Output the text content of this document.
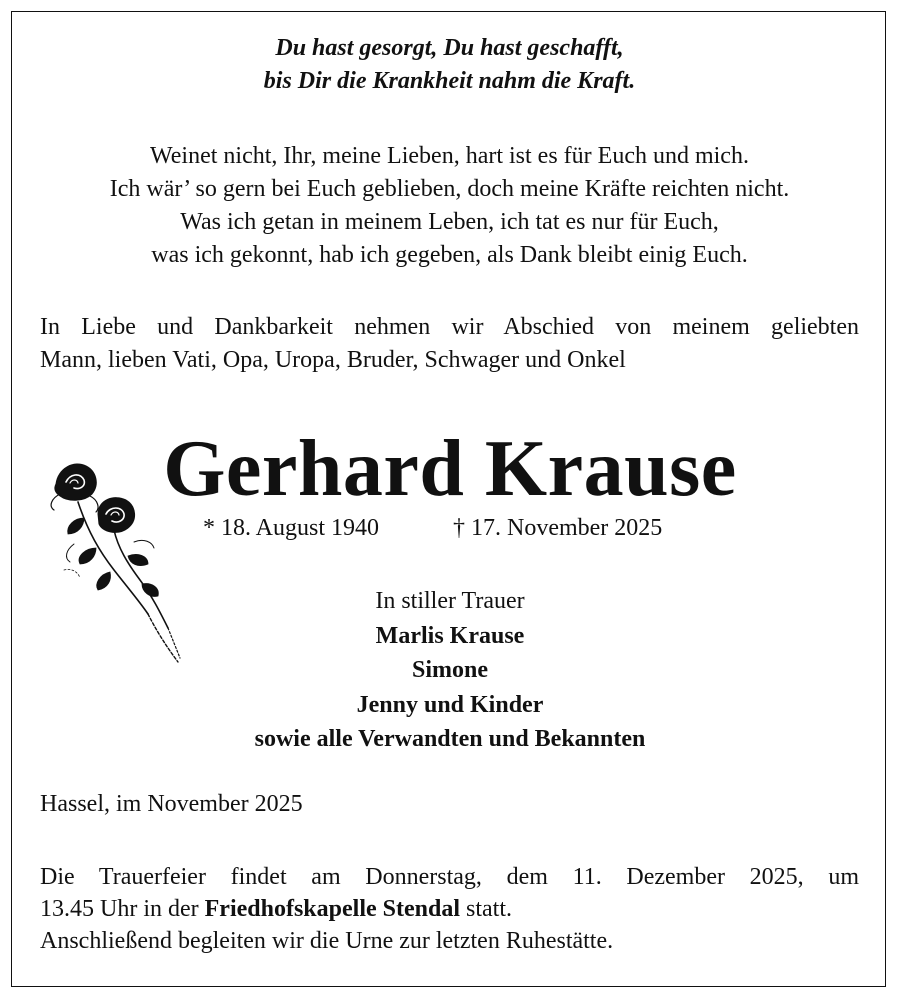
Du hast gesorgt, Du hast geschafft,
bis Dir die Krankheit nahm die Kraft.
Weinet nicht, Ihr, meine Lieben, hart ist es für Euch und mich.
Ich wär’ so gern bei Euch geblieben, doch meine Kräfte reichten nicht.
Was ich getan in meinem Leben, ich tat es nur für Euch,
was ich gekonnt, hab ich gegeben, als Dank bleibt einig Euch.
In Liebe und Dankbarkeit nehmen wir Abschied von meinem geliebten
Mann, lieben Vati, Opa, Uropa, Bruder, Schwager und Onkel
Gerhard Krause
* 18. August 1940	† 17. November 2025
In stiller Trauer
Marlis Krause
Simone
Jenny und Kinder
sowie alle Verwandten und Bekannten
Hassel, im November 2025
Die Trauerfeier findet am Donnerstag, dem 11. Dezember 2025, um
13.45 Uhr in der Friedhofskapelle Stendal statt.
Anschließend begleiten wir die Urne zur letzten Ruhestätte.
